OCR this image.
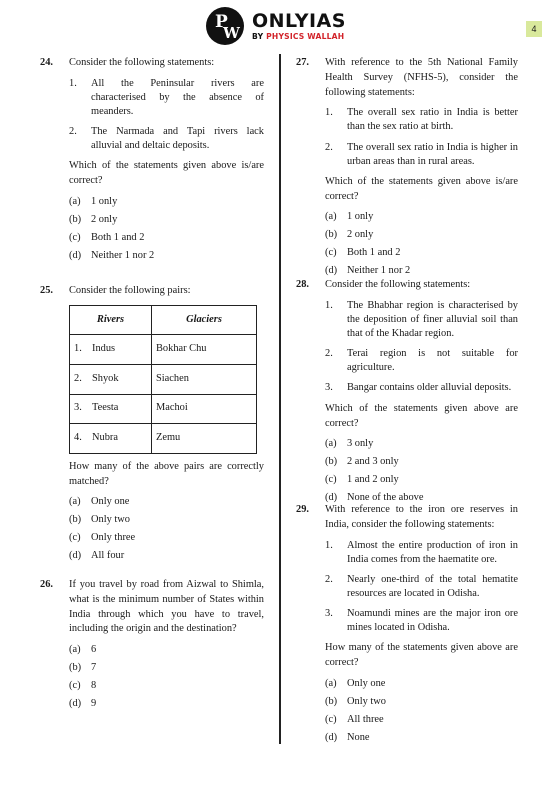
P
W
ONLYIAS
BY PHYSICS WALLAH
4
24.	Consider the following statements:
1.	All the Peninsular rivers are characterised by the absence of meanders.
2.	The Narmada and Tapi rivers lack alluvial and deltaic deposits.
Which of the statements given above is/are correct?
(a)	1 only
(b) 2 only
(c)	Both 1 and 2
(d) Neither 1 nor 2
25.	Consider the following pairs:
Rivers	Glaciers
1. Indus	Bokhar Chu
2. Shyok	Siachen
3. Teesta	Machoi
4. Nubra	Zemu
How many of the above pairs are correctly matched?
(a)	Only one
(b) Only two
(c)	Only three
(d) All four
26.	If you travel by road from Aizwal to Shimla, what is the minimum number of States within India through which you have to travel, including the origin and the destination?
(a)	6
(b) 7
(c)	8
(d) 9
27.	With reference to the 5th National Family Health Survey (NFHS-5), consider the following statements:
1.	The overall sex ratio in India is better than the sex ratio at birth.
2.	The overall sex ratio in India is higher in urban areas than in rural areas.
Which of the statements given above is/are correct?
(a)	1 only
(b) 2 only
(c)	Both 1 and 2
(d) Neither 1 nor 2
28.	Consider the following statements:
1.	The Bhabhar region is characterised by the deposition of finer alluvial soil than that of the Khadar region.
2.	Terai region is not suitable for agriculture.
3.	Bangar contains older alluvial deposits.
Which of the statements given above are correct?
(a)	3 only
(b) 2 and 3 only
(c)	1 and 2 only
(d) None of the above
29.	With reference to the iron ore reserves in India, consider the following statements:
1.	Almost the entire production of iron in India comes from the haematite ore.
2.	Nearly one-third of the total hematite resources are located in Odisha.
3.	Noamundi mines are the major iron ore mines located in Odisha.
How many of the statements given above are correct?
(a)	Only one
(b) Only two
(c)	All three
(d) None
